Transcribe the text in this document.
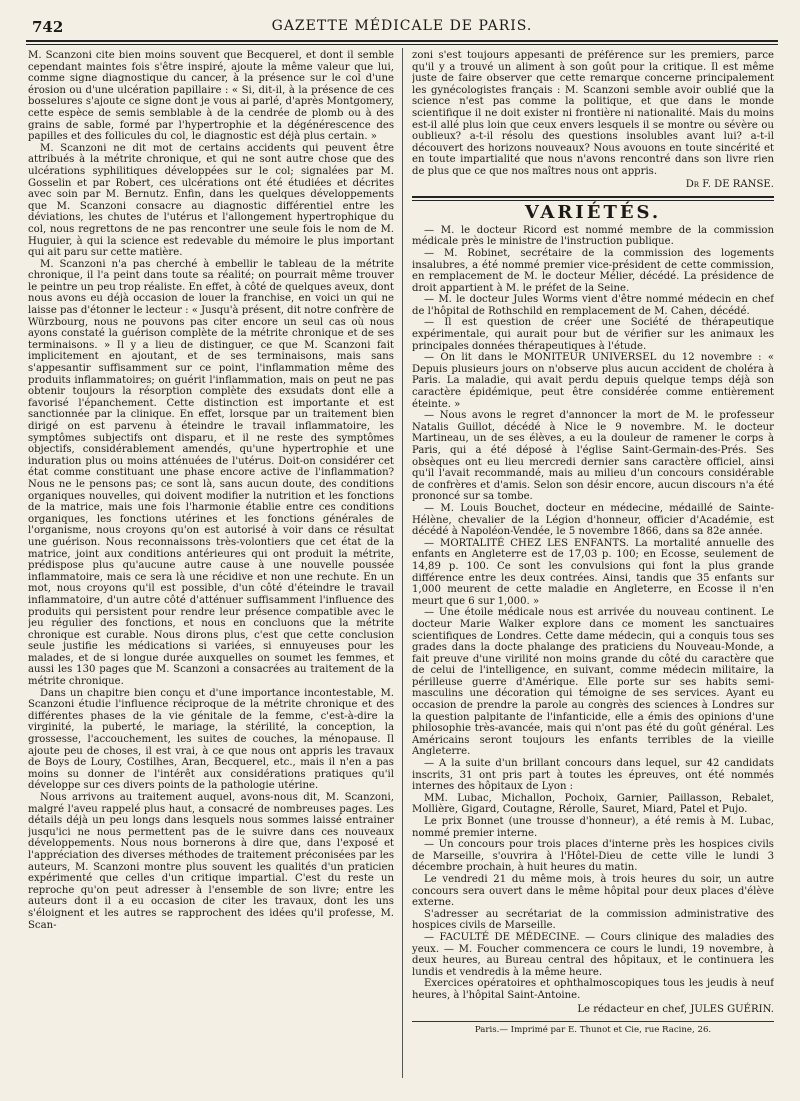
742	GAZETTE MÉDICALE DE PARIS.

M. Scanzoni cite bien moins souvent que Becquerel, et dont il semble cependant maintes fois s'être inspiré, ajoute la même valeur que lui, comme signe diagnostique du cancer, à la présence sur le col d'une érosion ou d'une ulcération papillaire : « Si, dit-il, à la présence de ces bosselures s'ajoute ce signe dont je vous ai parlé, d'après Montgomery, cette espèce de semis semblable à de la cendrée de plomb ou à des grains de sable, formé par l'hypertrophie et la dégénérescence des papilles et des follicules du col, le diagnostic est déjà plus certain. »

M. Scanzoni ne dit mot de certains accidents qui peuvent être attribués à la métrite chronique, et qui ne sont autre chose que des ulcérations syphilitiques développées sur le col; signalées par M. Gosselin et par Robert, ces ulcérations ont été étudiées et décrites avec soin par M. Bernutz. Enfin, dans les quelques développements que M. Scanzoni consacre au diagnostic différentiel entre les déviations, les chutes de l'utérus et l'allongement hypertrophique du col, nous regrettons de ne pas rencontrer une seule fois le nom de M. Huguier, à qui la science est redevable du mémoire le plus important qui ait paru sur cette matière.

M. Scanzoni n'a pas cherché à embellir le tableau de la métrite chronique, il l'a peint dans toute sa réalité; on pourrait même trouver le peintre un peu trop réaliste. En effet, à côté de quelques aveux, dont nous avons eu déjà occasion de louer la franchise, en voici un qui ne laisse pas d'étonner le lecteur : « Jusqu'à présent, dit notre confrère de Würzbourg, nous ne pouvons pas citer encore un seul cas où nous ayons constaté la guérison complète de la métrite chronique et de ses terminaisons. » Il y a lieu de distinguer, ce que M. Scanzoni fait implicitement en ajoutant, et de ses terminaisons, mais sans s'appesantir suffisamment sur ce point, l'inflammation même des produits inflammatoires; on guérit l'inflammation, mais on peut ne pas obtenir toujours la résorption complète des exsudats dont elle a favorisé l'épanchement. Cette distinction est importante et est sanctionnée par la clinique. En effet, lorsque par un traitement bien dirigé on est parvenu à éteindre le travail inflammatoire, les symptômes subjectifs ont disparu, et il ne reste des symptômes objectifs, considérablement amendés, qu'une hypertrophie et une induration plus ou moins atténuées de l'utérus. Doit-on considérer cet état comme constituant une phase encore active de l'inflammation? Nous ne le pensons pas; ce sont là, sans aucun doute, des conditions organiques nouvelles, qui doivent modifier la nutrition et les fonctions de la matrice, mais une fois l'harmonie établie entre ces conditions organiques, les fonctions utérines et les fonctions générales de l'organisme, nous croyons qu'on est autorisé à voir dans ce résultat une guérison. Nous reconnaissons très-volontiers que cet état de la matrice, joint aux conditions antérieures qui ont produit la métrite, prédispose plus qu'aucune autre cause à une nouvelle poussée inflammatoire, mais ce sera là une récidive et non une rechute. En un mot, nous croyons qu'il est possible, d'un côté d'éteindre le travail inflammatoire, d'un autre côté d'atténuer suffisamment l'influence des produits qui persistent pour rendre leur présence compatible avec le jeu régulier des fonctions, et nous en concluons que la métrite chronique est curable. Nous dirons plus, c'est que cette conclusion seule justifie les médications si variées, si ennuyeuses pour les malades, et de si longue durée auxquelles on soumet les femmes, et aussi les 130 pages que M. Scanzoni a consacrées au traitement de la métrite chronique.

Dans un chapitre bien conçu et d'une importance incontestable, M. Scanzoni étudie l'influence réciproque de la métrite chronique et des différentes phases de la vie génitale de la femme, c'est-à-dire la virginité, la puberté, le mariage, la stérilité, la conception, la grossesse, l'accouchement, les suites de couches, la ménopause. Il ajoute peu de choses, il est vrai, à ce que nous ont appris les travaux de Boys de Loury, Costilhes, Aran, Becquerel, etc., mais il n'en a pas moins su donner de l'intérêt aux considérations pratiques qu'il développe sur ces divers points de la pathologie utérine.

Nous arrivons au traitement auquel, avons-nous dit, M. Scanzoni, malgré l'aveu rappelé plus haut, a consacré de nombreuses pages. Les détails déjà un peu longs dans lesquels nous sommes laissé entrainer jusqu'ici ne nous permettent pas de le suivre dans ces nouveaux développements. Nous nous bornerons à dire que, dans l'exposé et l'appréciation des diverses méthodes de traitement préconisées par les auteurs, M. Scanzoni montre plus souvent les qualités d'un praticien expérimenté que celles d'un critique impartial. C'est du reste un reproche qu'on peut adresser à l'ensemble de son livre; entre les auteurs dont il a eu occasion de citer les travaux, dont les uns s'éloignent et les autres se rapprochent des idées qu'il professe, M. Scan-

zoni s'est toujours appesanti de préférence sur les premiers, parce qu'il y a trouvé un aliment à son goût pour la critique. Il est même juste de faire observer que cette remarque concerne principalement les gynécologistes français : M. Scanzoni semble avoir oublié que la science n'est pas comme la politique, et que dans le monde scientifique il ne doit exister ni frontière ni nationalité. Mais du moins est-il allé plus loin que ceux envers lesquels il se montre ou sévère ou oublieux? a-t-il résolu des questions insolubles avant lui? a-t-il découvert des horizons nouveaux? Nous avouons en toute sincérité et en toute impartialité que nous n'avons rencontré dans son livre rien de plus que ce que nos maîtres nous ont appris.

Dr F. DE RANSE.
VARIÉTÉS.

— M. le docteur Ricord est nommé membre de la commission médicale près le ministre de l'instruction publique.

— M. Robinet, secrétaire de la commission des logements insalubres, a été nommé premier vice-président de cette commission, en remplacement de M. le docteur Mélier, décédé. La présidence de droit appartient à M. le préfet de la Seine.

— M. le docteur Jules Worms vient d'être nommé médecin en chef de l'hôpital de Rothschild en remplacement de M. Cahen, décédé.

— Il est question de créer une Société de thérapeutique expérimentale, qui aurait pour but de vérifier sur les animaux les principales données thérapeutiques à l'étude.

— On lit dans le MONITEUR UNIVERSEL du 12 novembre : « Depuis plusieurs jours on n'observe plus aucun accident de choléra à Paris. La maladie, qui avait perdu depuis quelque temps déjà son caractère épidémique, peut être considérée comme entièrement éteinte. »

— Nous avons le regret d'annoncer la mort de M. le professeur Natalis Guillot, décédé à Nice le 9 novembre. M. le docteur Martineau, un de ses élèves, a eu la douleur de ramener le corps à Paris, qui a été déposé à l'église Saint-Germain-des-Prés. Ses obsèques ont eu lieu mercredi dernier sans caractère officiel, ainsi qu'il l'avait recommandé, mais au milieu d'un concours considérable de confrères et d'amis. Selon son désir encore, aucun discours n'a été prononcé sur sa tombe.

— M. Louis Bouchet, docteur en médecine, médaillé de Sainte-Hélène, chevalier de la Légion d'honneur, officier d'Académie, est décédé à Napoléon-Vendée, le 5 novembre 1866, dans sa 82e année.

— MORTALITÉ CHEZ LES ENFANTS. La mortalité annuelle des enfants en Angleterre est de 17,03 p. 100; en Ecosse, seulement de 14,89 p. 100. Ce sont les convulsions qui font la plus grande différence entre les deux contrées. Ainsi, tandis que 35 enfants sur 1,000 meurent de cette maladie en Angleterre, en Ecosse il n'en meurt que 6 sur 1,000. »

— Une étoile médicale nous est arrivée du nouveau continent. Le docteur Marie Walker explore dans ce moment les sanctuaires scientifiques de Londres. Cette dame médecin, qui a conquis tous ses grades dans la docte phalange des praticiens du Nouveau-Monde, a fait preuve d'une virilité non moins grande du côté du caractère que de celui de l'intelligence, en suivant, comme médecin militaire, la périlleuse guerre d'Amérique. Elle porte sur ses habits semi-masculins une décoration qui témoigne de ses services. Ayant eu occasion de prendre la parole au congrès des sciences à Londres sur la question palpitante de l'infanticide, elle a émis des opinions d'une philosophie très-avancée, mais qui n'ont pas été du goût général. Les Américains seront toujours les enfants terribles de la vieille Angleterre.

— A la suite d'un brillant concours dans lequel, sur 42 candidats inscrits, 31 ont pris part à toutes les épreuves, ont été nommés internes des hôpitaux de Lyon :

MM. Lubac, Michallon, Pochoix, Garnier, Paillasson, Rebalet, Mollière, Gigard, Coutagne, Rérolle, Sauret, Miard, Patel et Pujo.

Le prix Bonnet (une trousse d'honneur), a été remis à M. Lubac, nommé premier interne.

— Un concours pour trois places d'interne près les hospices civils de Marseille, s'ouvrira à l'Hôtel-Dieu de cette ville le lundi 3 décembre prochain, à huit heures du matin.

Le vendredi 21 du même mois, à trois heures du soir, un autre concours sera ouvert dans le même hôpital pour deux places d'élève externe.

S'adresser au secrétariat de la commission administrative des hospices civils de Marseille.

— FACULTÉ DE MÉDECINE. — Cours clinique des maladies des yeux. — M. Foucher commencera ce cours le lundi, 19 novembre, à deux heures, au Bureau central des hôpitaux, et le continuera les lundis et vendredis à la même heure.

Exercices opératoires et ophthalmoscopiques tous les jeudis à neuf heures, à l'hôpital Saint-Antoine.

Le rédacteur en chef, JULES GUÉRIN.
Paris.— Imprimé par E. Thunot et Cie, rue Racine, 26.
